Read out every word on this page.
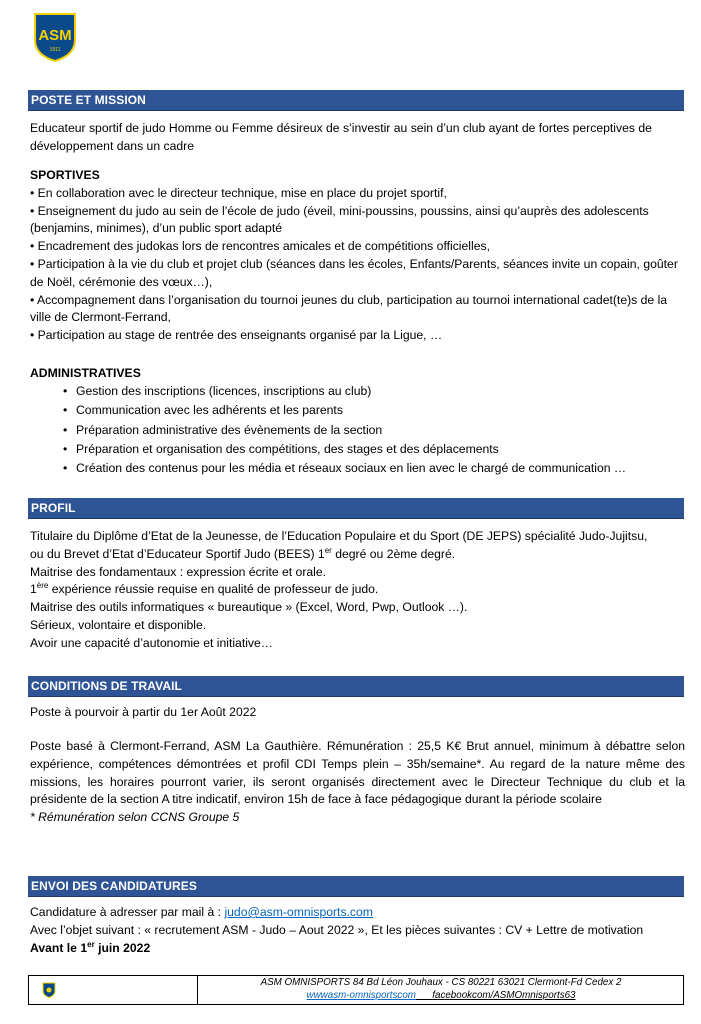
ASM
1911
POSTE ET MISSION

Educateur sportif de judo Homme ou Femme désireux de s’investir au sein d’un club ayant de fortes perceptives de développement dans un cadre

SPORTIVES

• En collaboration avec le directeur technique, mise en place du projet sportif,

• Enseignement du judo au sein de l’école de judo (éveil, mini-poussins, poussins, ainsi qu’auprès des adolescents (benjamins, minimes), d’un public sport adapté

• Encadrement des judokas lors de rencontres amicales et de compétitions officielles,

• Participation à la vie du club et projet club (séances dans les écoles, Enfants/Parents, séances invite un copain, goûter de Noël, cérémonie des vœux…),

• Accompagnement dans l’organisation du tournoi jeunes du club, participation au tournoi international cadet(te)s de la ville de Clermont-Ferrand,

• Participation au stage de rentrée des enseignants organisé par la Ligue, …

ADMINISTRATIVES

• Gestion des inscriptions (licences, inscriptions au club)
• Communication avec les adhérents et les parents
• Préparation administrative des évènements de la section
• Préparation et organisation des compétitions, des stages et des déplacements
• Création des contenus pour les média et réseaux sociaux en lien avec le chargé de communication …
PROFIL

Titulaire du Diplôme d’Etat de la Jeunesse, de l’Education Populaire et du Sport (DE JEPS) spécialité Judo-Jujitsu,

ou du Brevet d’Etat d’Educateur Sportif Judo (BEES) 1er degré ou 2ème degré.

Maitrise des fondamentaux : expression écrite et orale.

1ère expérience réussie requise en qualité de professeur de judo.

Maitrise des outils informatiques « bureautique » (Excel, Word, Pwp, Outlook …).

Sérieux, volontaire et disponible.

Avoir une capacité d’autonomie et initiative…

CONDITIONS DE TRAVAIL

Poste à pourvoir à partir du 1er Août 2022

Poste basé à Clermont-Ferrand, ASM La Gauthière. Rémunération : 25,5 K€ Brut annuel, minimum à débattre selon expérience, compétences démontrées et profil CDI Temps plein – 35h/semaine*. Au regard de la nature même des missions, les horaires pourront varier, ils seront organisés directement avec le Directeur Technique du club et la présidente de la section A titre indicatif, environ 15h de face à face pédagogique durant la période scolaire

* Rémunération selon CCNS Groupe 5

ENVOI DES CANDIDATURES

Candidature à adresser par mail à : judo@asm-omnisports.com

Avec l’objet suivant : « recrutement ASM - Judo – Aout 2022 », Et les pièces suivantes : CV + Lettre de motivation

Avant le 1er juin 2022

ASM OMNISPORTS 84 Bd Léon Jouhaux - CS 80221 63021 Clermont-Fd Cedex 2
wwwasm-omnisportscom facebookcom/ASMOmnisports63
